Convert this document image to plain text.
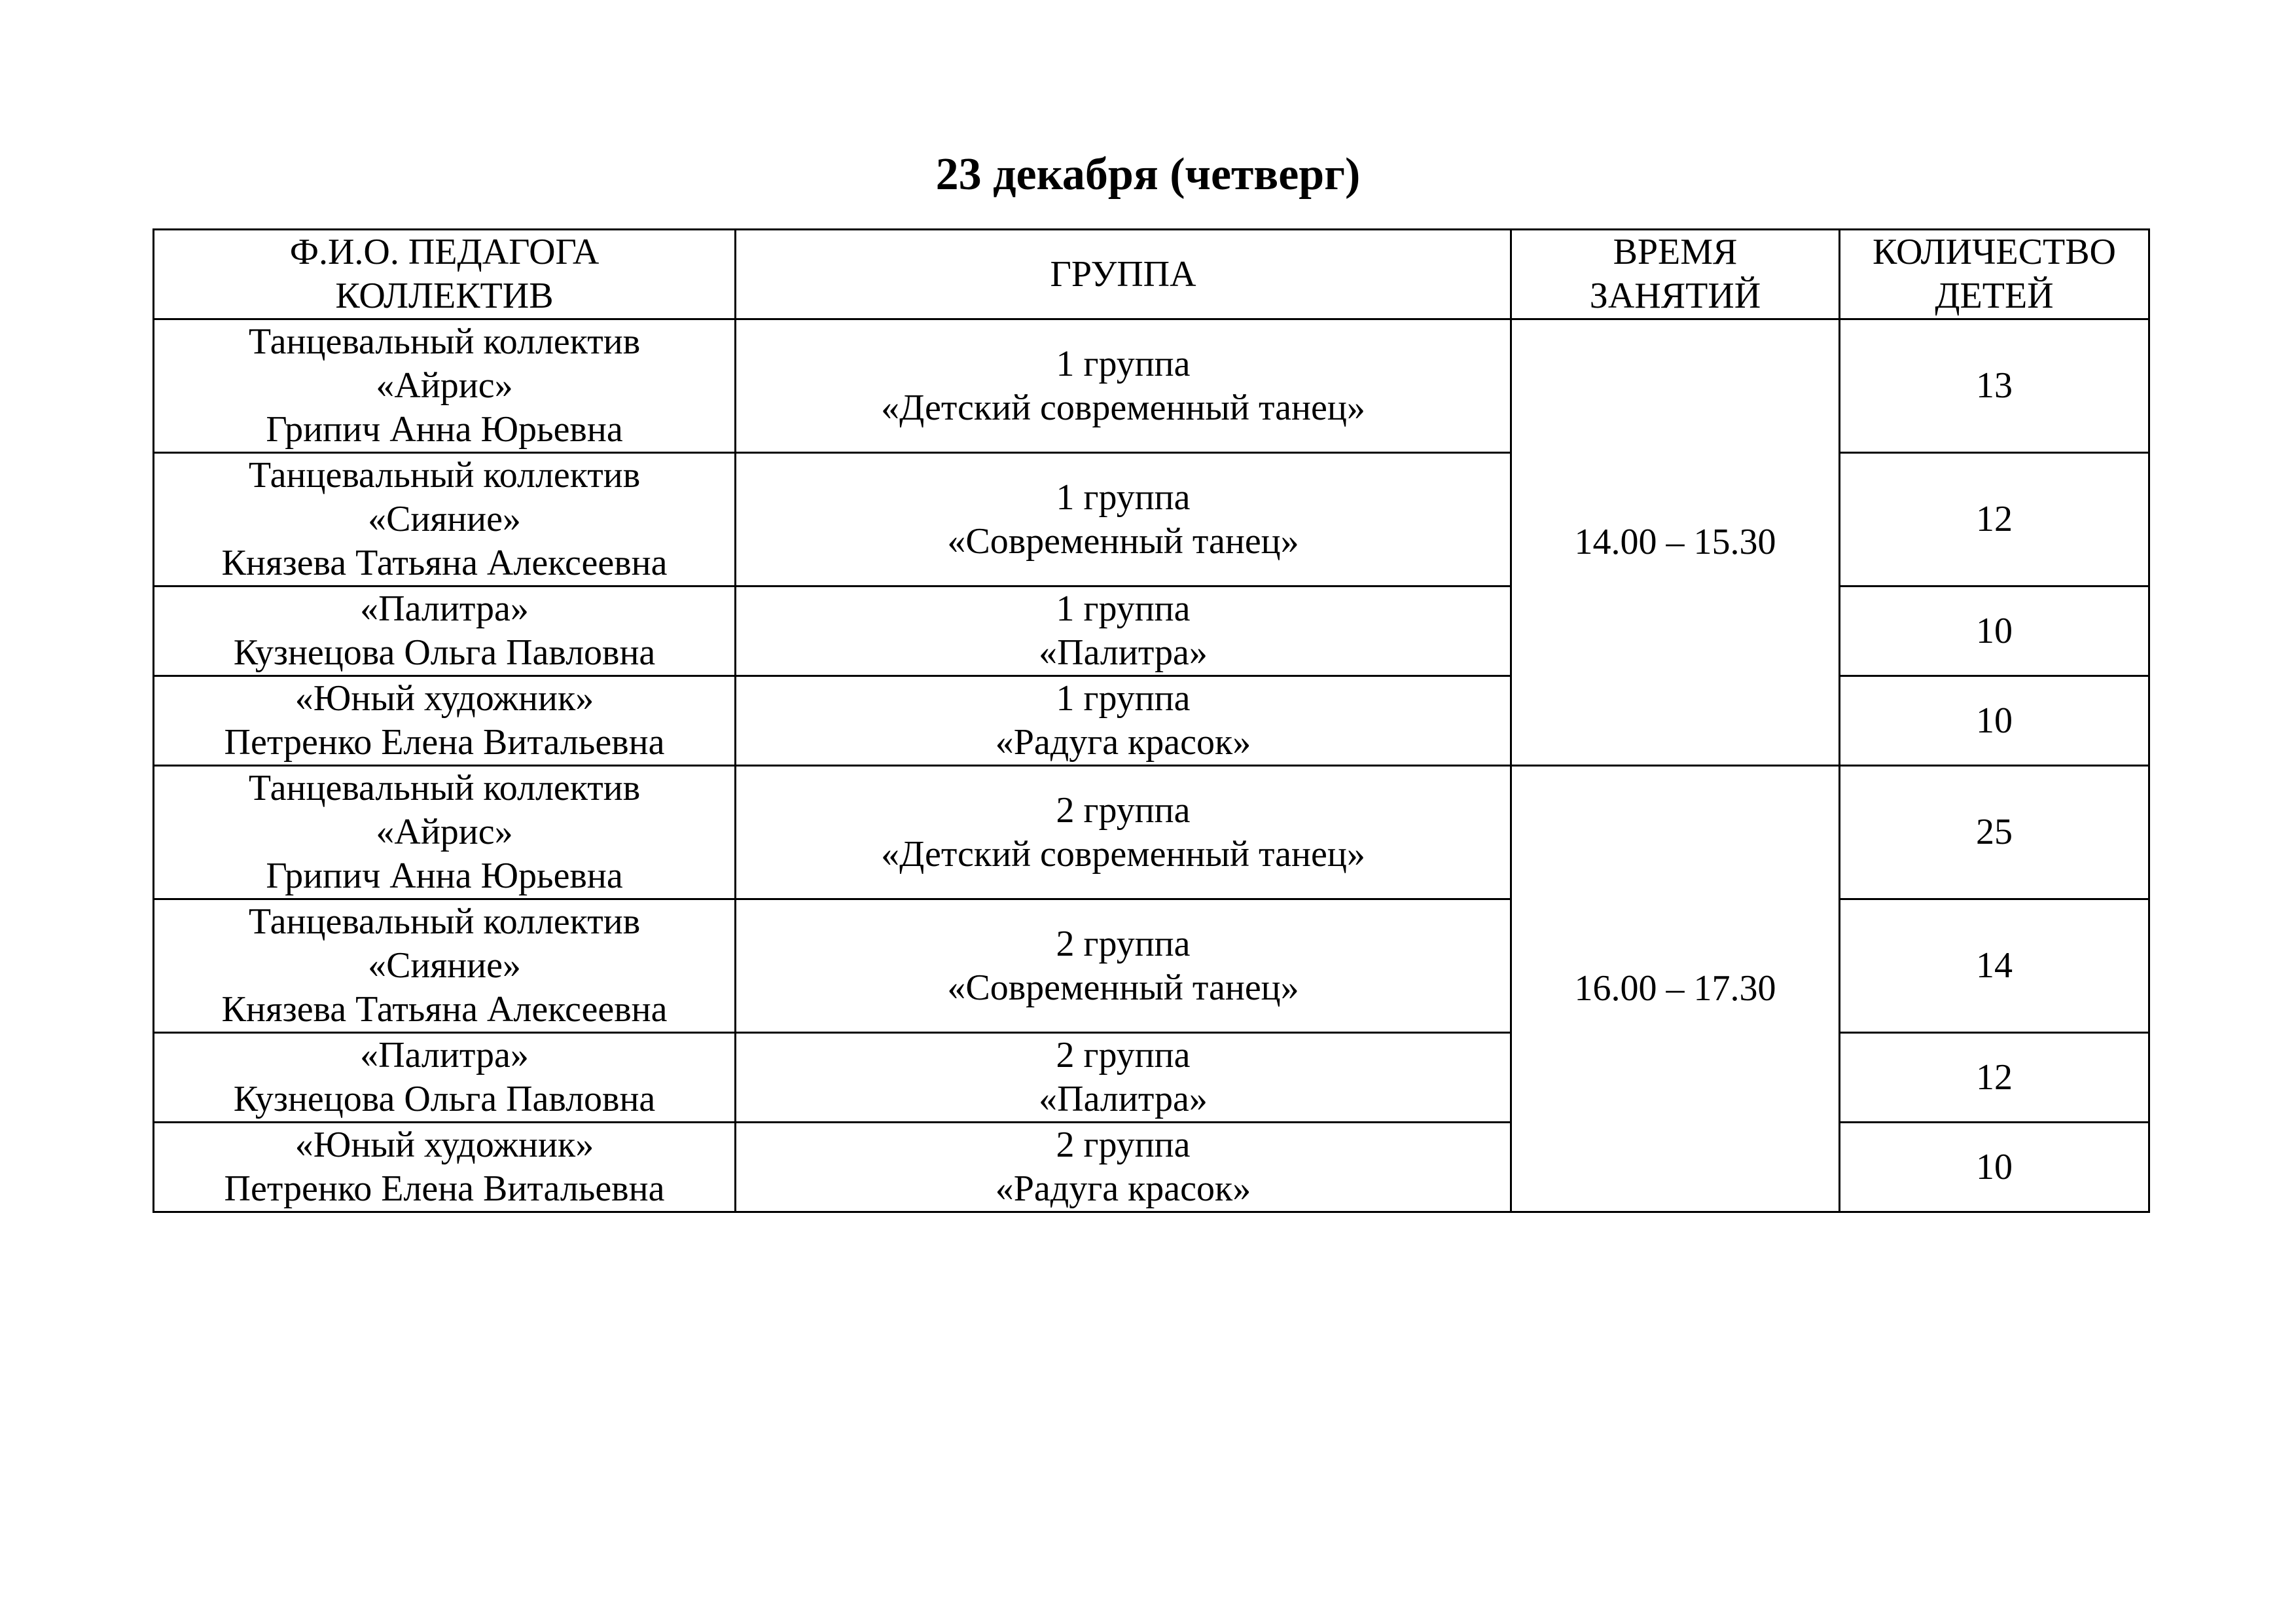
23 декабря (четверг)
Ф.И.О. ПЕДАГОГА
КОЛЛЕКТИВ	ГРУППА	ВРЕМЯ
ЗАНЯТИЙ	КОЛИЧЕСТВО
ДЕТЕЙ

Танцевальный коллектив
«Айрис»
Грипич Анна Юрьевна	1 группа
«Детский современный танец»	14.00 – 15.30	13

Танцевальный коллектив
«Сияние»
Князева Татьяна Алексеевна	1 группа
«Современный танец»		12

«Палитра»
Кузнецова Ольга Павловна	1 группа
«Палитра»		10

«Юный художник»
Петренко Елена Витальевна	1 группа
«Радуга красок»		10

Танцевальный коллектив
«Айрис»
Грипич Анна Юрьевна	2 группа
«Детский современный танец»	16.00 – 17.30	25

Танцевальный коллектив
«Сияние»
Князева Татьяна Алексеевна	2 группа
«Современный танец»		14

«Палитра»
Кузнецова Ольга Павловна	2 группа
«Палитра»		12

«Юный художник»
Петренко Елена Витальевна	2 группа
«Радуга красок»		10
